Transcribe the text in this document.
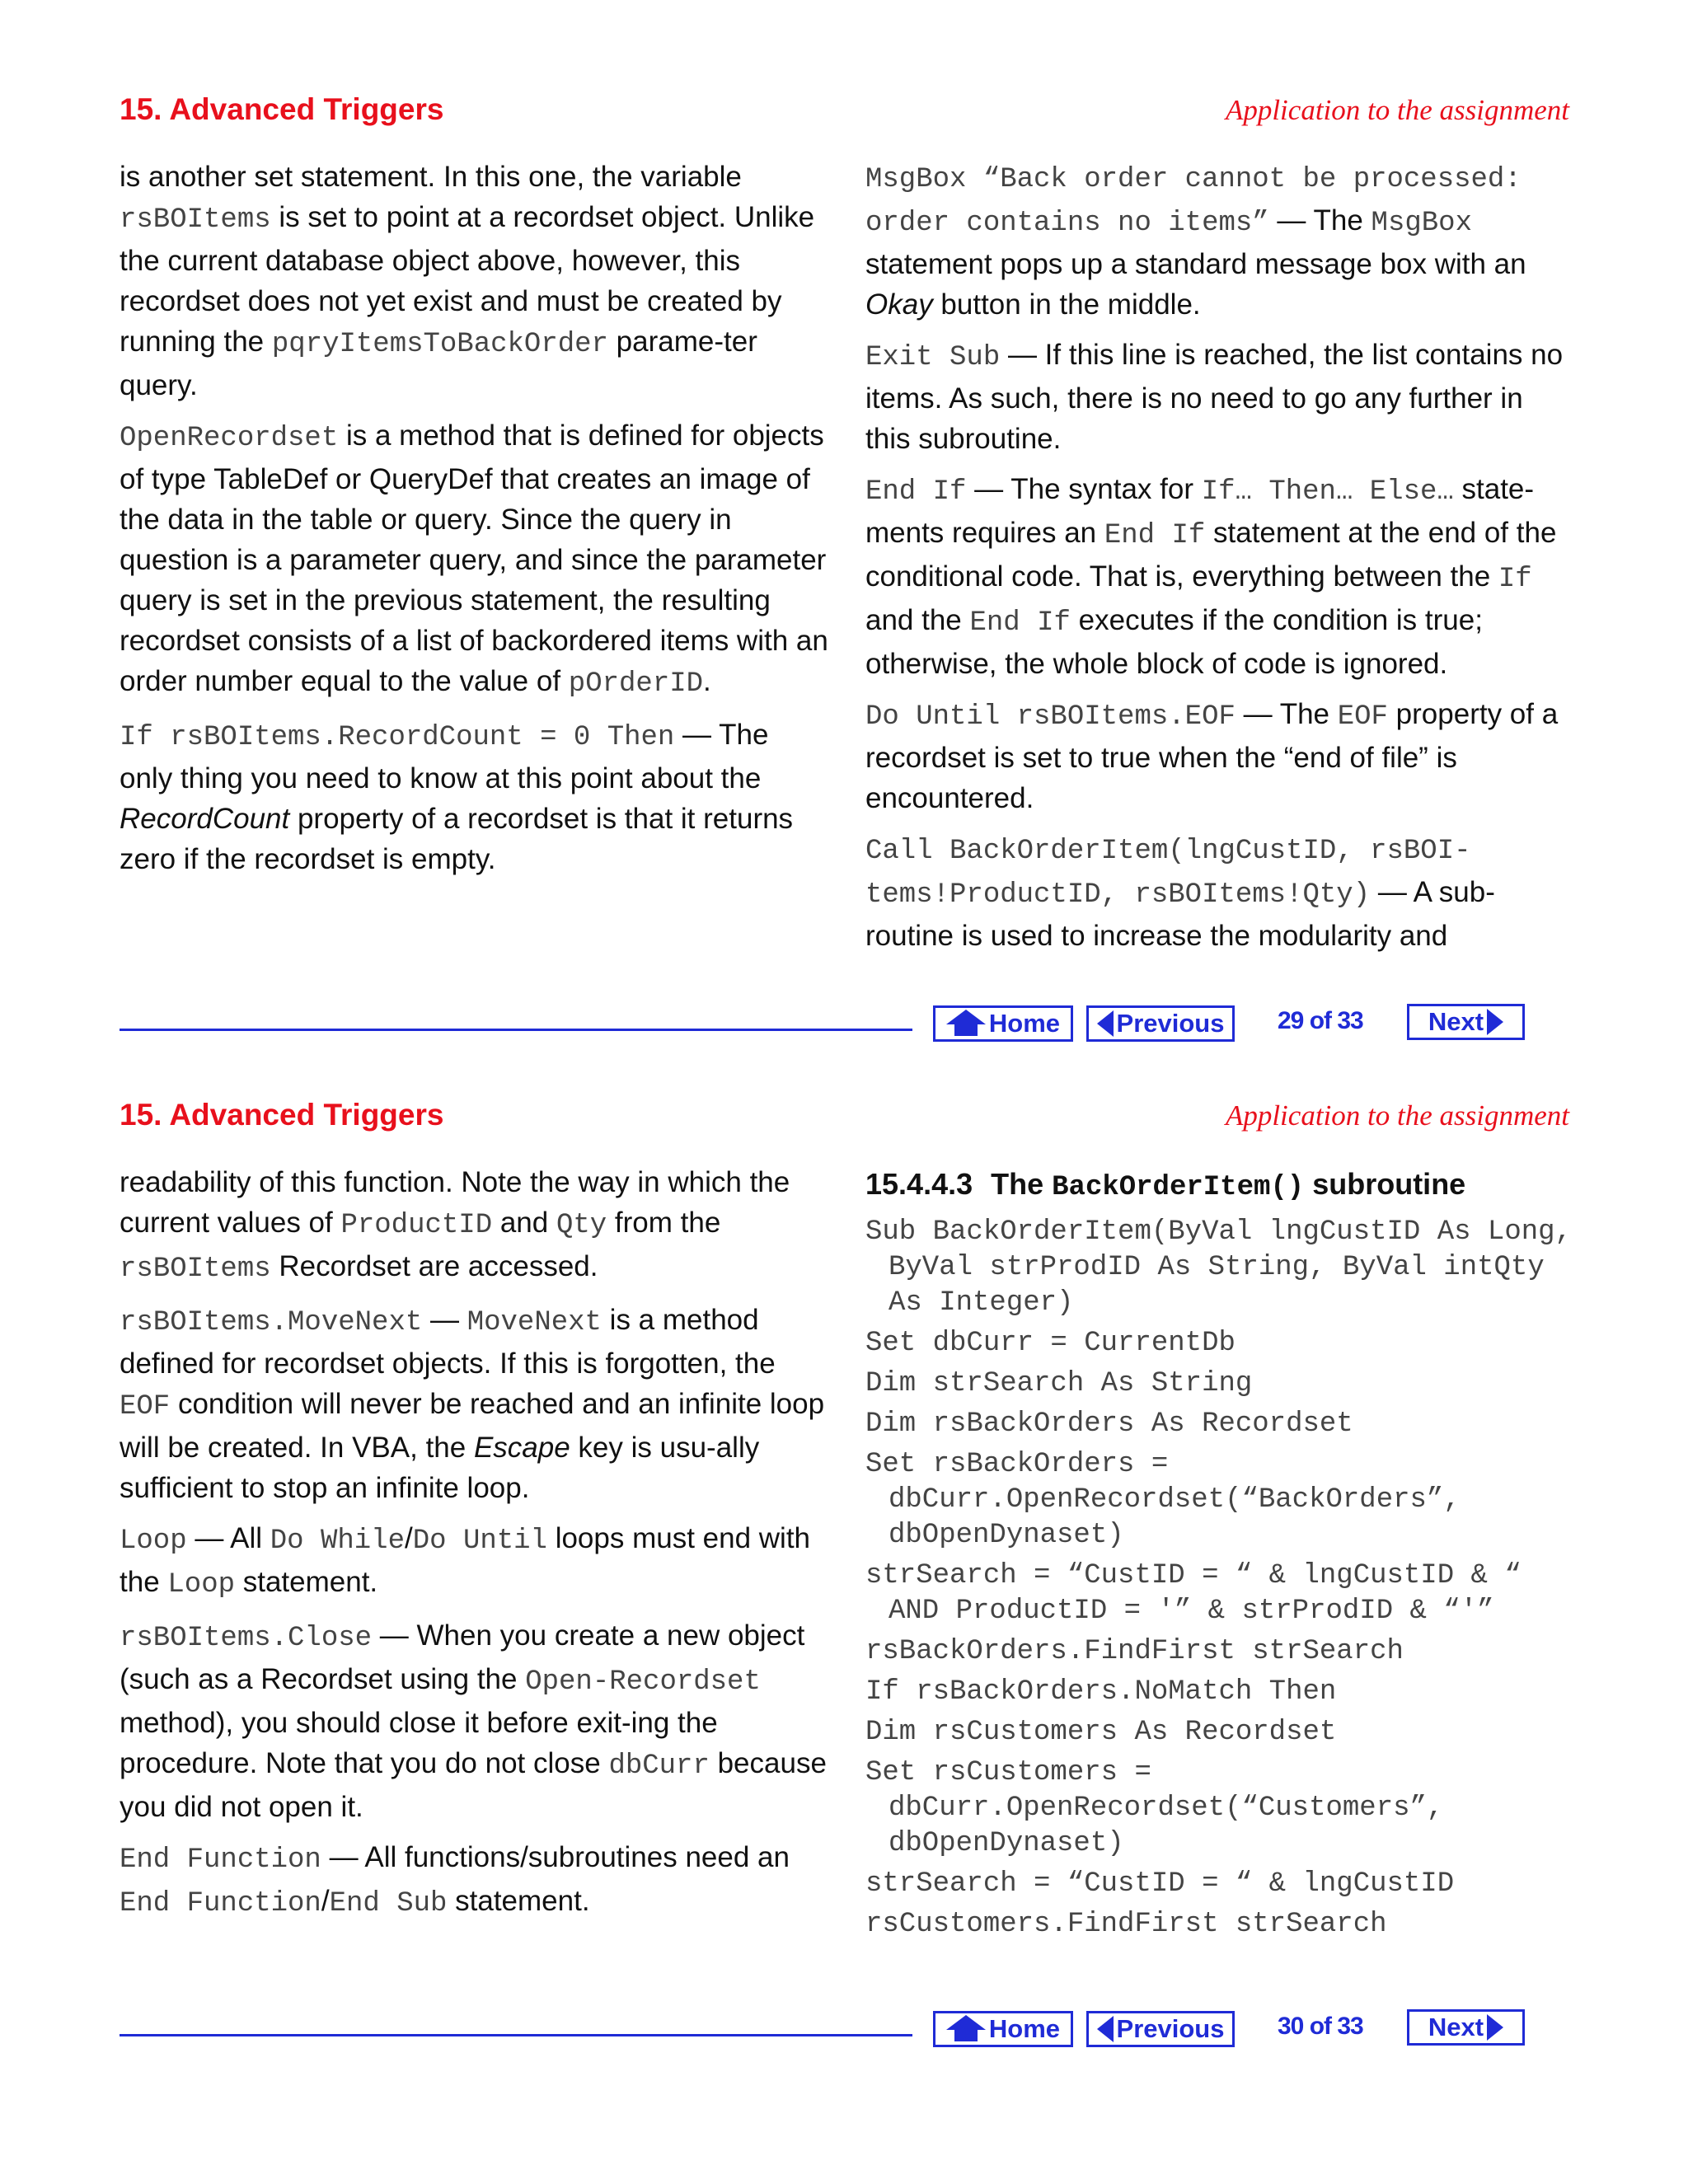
15. Advanced Triggers	Application to the assignment

is another set statement. In this one, the variable rsBOItems is set to point at a recordset object. Unlike the current database object above, however, this recordset does not yet exist and must be created by running the pqryItemsToBackOrder parame-ter query.

OpenRecordset is a method that is defined for objects of type TableDef or QueryDef that creates an image of the data in the table or query. Since the query in question is a parameter query, and since the parameter query is set in the previous statement, the resulting recordset consists of a list of backordered items with an order number equal to the value of pOrderID.

If rsBOItems.RecordCount = 0 Then — The only thing you need to know at this point about the RecordCount property of a recordset is that it returns zero if the recordset is empty.

MsgBox “Back order cannot be processed: order contains no items” — The MsgBox statement pops up a standard message box with an Okay button in the middle.

Exit Sub — If this line is reached, the list contains no items. As such, there is no need to go any further in this subroutine.

End If — The syntax for If… Then… Else… state-ments requires an End If statement at the end of the conditional code. That is, everything between the If and the End If executes if the condition is true; otherwise, the whole block of code is ignored.

Do Until rsBOItems.EOF — The EOF property of a recordset is set to true when the “end of file” is encountered.

Call BackOrderItem(lngCustID, rsBOI-tems!ProductID, rsBOItems!Qty) — A sub-routine is used to increase the modularity and

Home Previous 29 of 33	Next
15. Advanced Triggers	Application to the assignment

readability of this function. Note the way in which the current values of ProductID and Qty from the rsBOItems Recordset are accessed.

rsBOItems.MoveNext — MoveNext is a method defined for recordset objects. If this is forgotten, the EOF condition will never be reached and an infinite loop will be created. In VBA, the Escape key is usu-ally sufficient to stop an infinite loop.

Loop — All Do While/Do Until loops must end with the Loop statement.

rsBOItems.Close — When you create a new object (such as a Recordset using the Open-Recordset method), you should close it before exit-ing the procedure. Note that you do not close dbCurr because you did not open it.

End Function — All functions/subroutines need an End Function/End Sub statement.

15.4.4.3 The BackOrderItem() subroutine
Sub BackOrderItem(ByVal lngCustID As Long, ByVal strProdID As String, ByVal intQty As Integer)
Set dbCurr = CurrentDb
Dim strSearch As String
Dim rsBackOrders As Recordset
Set rsBackOrders = dbCurr.OpenRecordset(“BackOrders”, dbOpenDynaset)
strSearch = “CustID = “ & lngCustID & “ AND ProductID = '” & strProdID & “'”
rsBackOrders.FindFirst strSearch
If rsBackOrders.NoMatch Then
Dim rsCustomers As Recordset
Set rsCustomers = dbCurr.OpenRecordset(“Customers”, dbOpenDynaset)
strSearch = “CustID = “ & lngCustID
rsCustomers.FindFirst strSearch
Home Previous 30 of 33	Next
